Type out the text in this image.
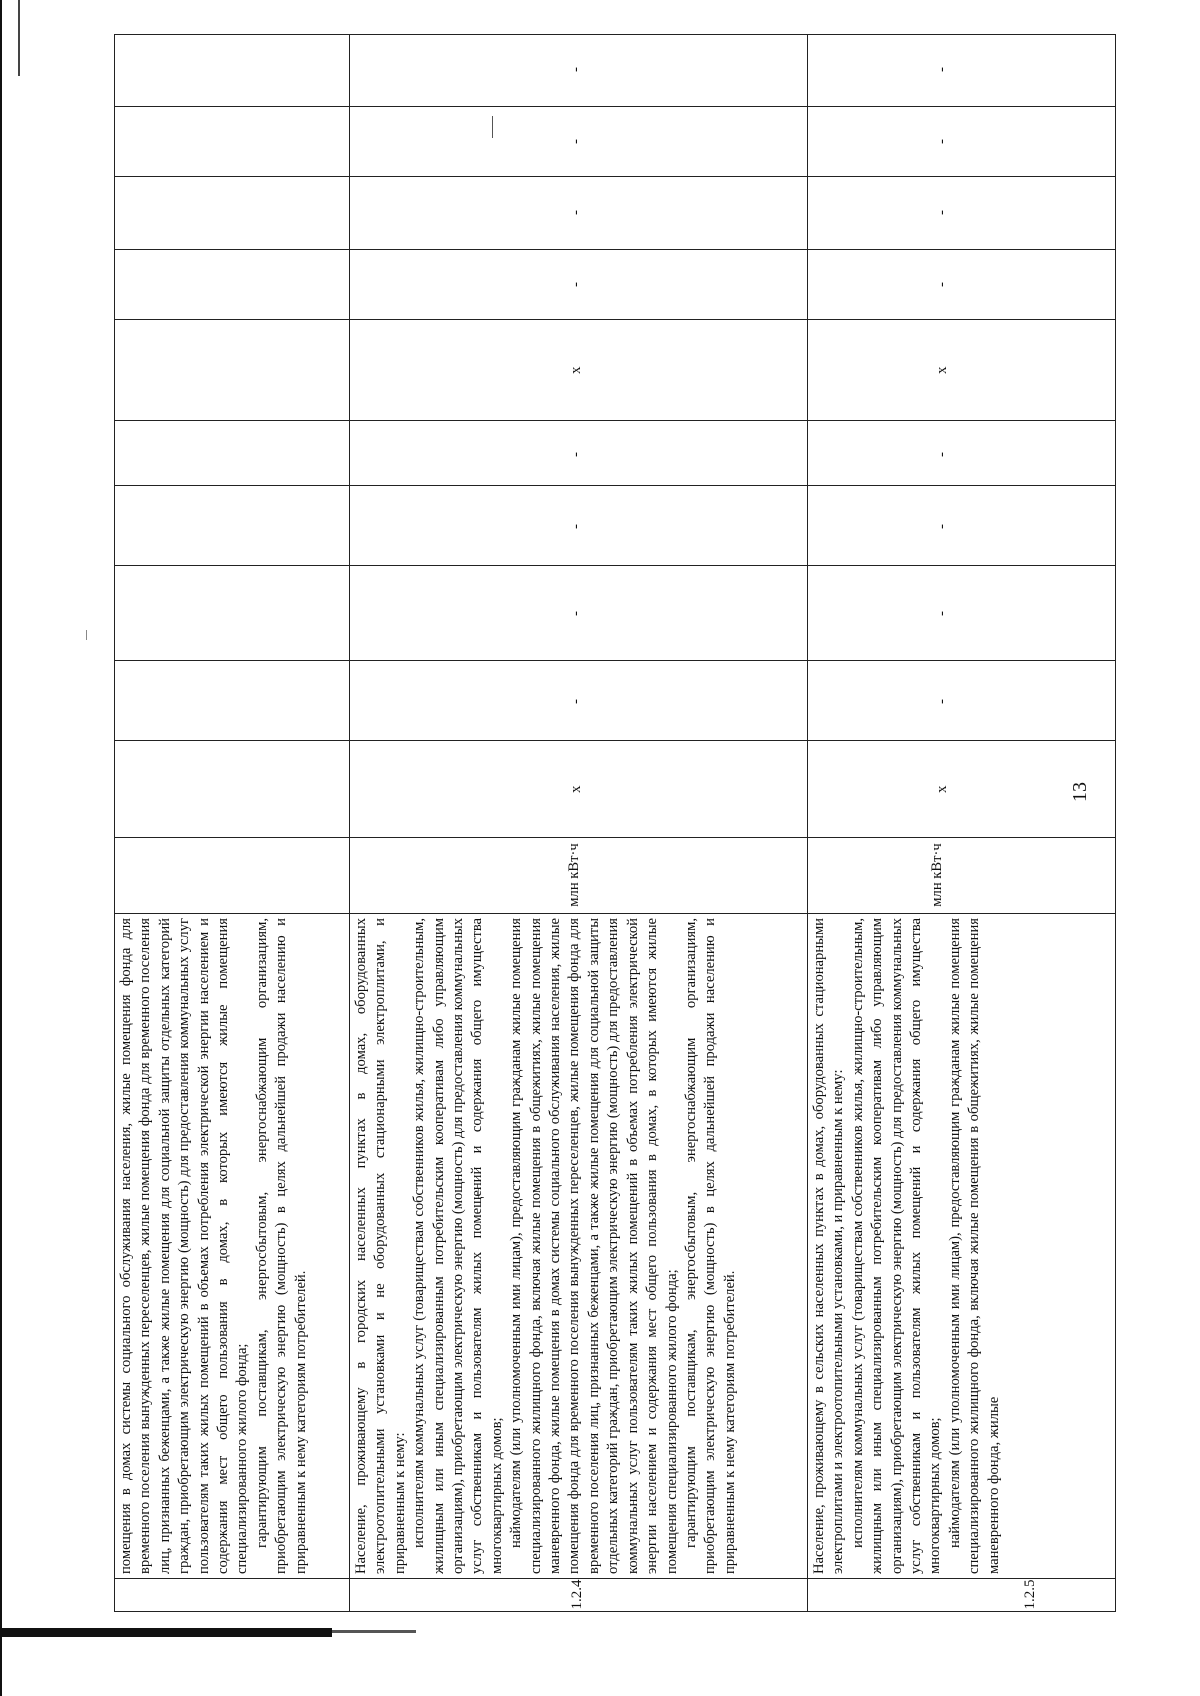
помещения в домах системы социального обслуживания населения, жилые помещения фонда для временного поселения вынужденных переселенцев, жилые помещения фонда для временного поселения лиц, признанных беженцами, а также жилые помещения для социальной защиты отдельных категорий граждан, приобретающим электрическую энергию (мощность) для предоставления коммунальных услуг пользователям таких жилых помещений в объемах потребления электрической энергии населением и содержания мест общего пользования в домах, в которых имеются жилые помещения специализированного жилого фонда; гарантирующим поставщикам, энергосбытовым, энергоснабжающим организациям, приобретающим электрическую энергию (мощность) в целях дальнейшей продажи населению и приравненным к нему категориям потребителей.

1.2.4

Население, проживающему в городских населенных пунктах в домах, оборудованных электроотопительными установками и не оборудованных стационарными электроплитами, и приравненным к нему: исполнителям коммунальных услуг (товариществам собственников жилья, жилищно-строительным, жилищным или иным специализированным потребительским кооперативам либо управляющим организациям), приобретающим электрическую энергию (мощность) для предоставления коммунальных услуг собственникам и пользователям жилых помещений и содержания общего имущества многоквартирных домов; наймодателям (или уполномоченным ими лицам), предоставляющим гражданам жилые помещения специализированного жилищного фонда, включая жилые помещения в общежитиях, жилые помещения маневренного фонда, жилые помещения в домах системы социального обслуживания населения, жилые помещения фонда для временного поселения вынужденных переселенцев, жилые помещения фонда для временного поселения лиц, признанных беженцами, а также жилые помещения для социальной защиты отдельных категорий граждан, приобретающим электрическую энергию (мощность) для предоставления коммунальных услуг пользователям таких жилых помещений в объемах потребления электрической энергии населением и содержания мест общего пользования в домах, в которых имеются жилые помещения специализированного жилого фонда; гарантирующим поставщикам, энергосбытовым, энергоснабжающим организациям, приобретающим электрическую энергию (мощность) в целях дальнейшей продажи населению и приравненным к нему категориям потребителей.

млн кВт·ч
x
-
-
-
-
x
-
-
-
-
1.2.5

Население, проживающему в сельских населенных пунктах в домах, оборудованных стационарными электроплитами и электроотопительными установками, и приравненным к нему: исполнителям коммунальных услуг (товариществам собственников жилья, жилищно-строительным, жилищным или иным специализированным потребительским кооперативам либо управляющим организациям), приобретающим электрическую энергию (мощность) для предоставления коммунальных услуг собственникам и пользователям жилых помещений и содержания общего имущества многоквартирных домов; наймодателям (или уполномоченным ими лицам), предоставляющим гражданам жилые помещения специализированного жилищного фонда, включая жилые помещения в общежитиях, жилые помещения маневренного фонда, жилые

млн кВт·ч
x
-
-
-
-
x
-
-
-
-
13
